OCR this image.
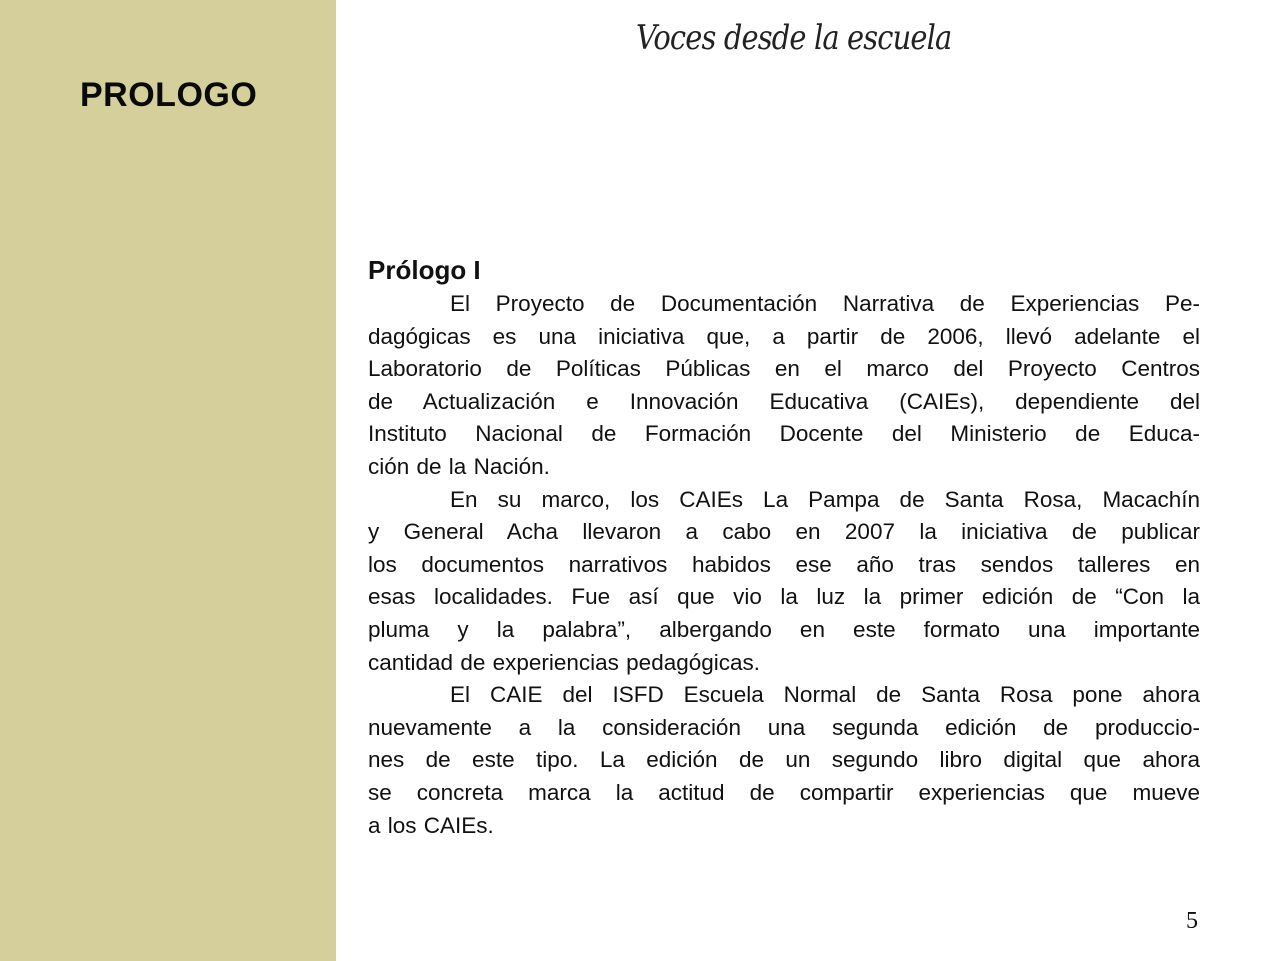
PROLOGO
Voces desde la escuela
Prólogo I
El Proyecto de Documentación Narrativa de Experiencias Pe-
dagógicas es una iniciativa que, a partir de 2006, llevó adelante el
Laboratorio de Políticas Públicas en el marco del Proyecto Centros
de Actualización e Innovación Educativa (CAIEs), dependiente del
Instituto Nacional de Formación Docente del Ministerio de Educa-
ción de la Nación.
En su marco, los CAIEs La Pampa de Santa Rosa, Macachín
y General Acha llevaron a cabo en 2007 la iniciativa de publicar
los documentos narrativos habidos ese año tras sendos talleres en
esas localidades. Fue así que vio la luz la primer edición de “Con la
pluma y la palabra”, albergando en este formato una importante
cantidad de experiencias pedagógicas.
El CAIE del ISFD Escuela Normal de Santa Rosa pone ahora
nuevamente a la consideración una segunda edición de produccio-
nes de este tipo. La edición de un segundo libro digital que ahora
se concreta marca la actitud de compartir experiencias que mueve
a los CAIEs.
5
